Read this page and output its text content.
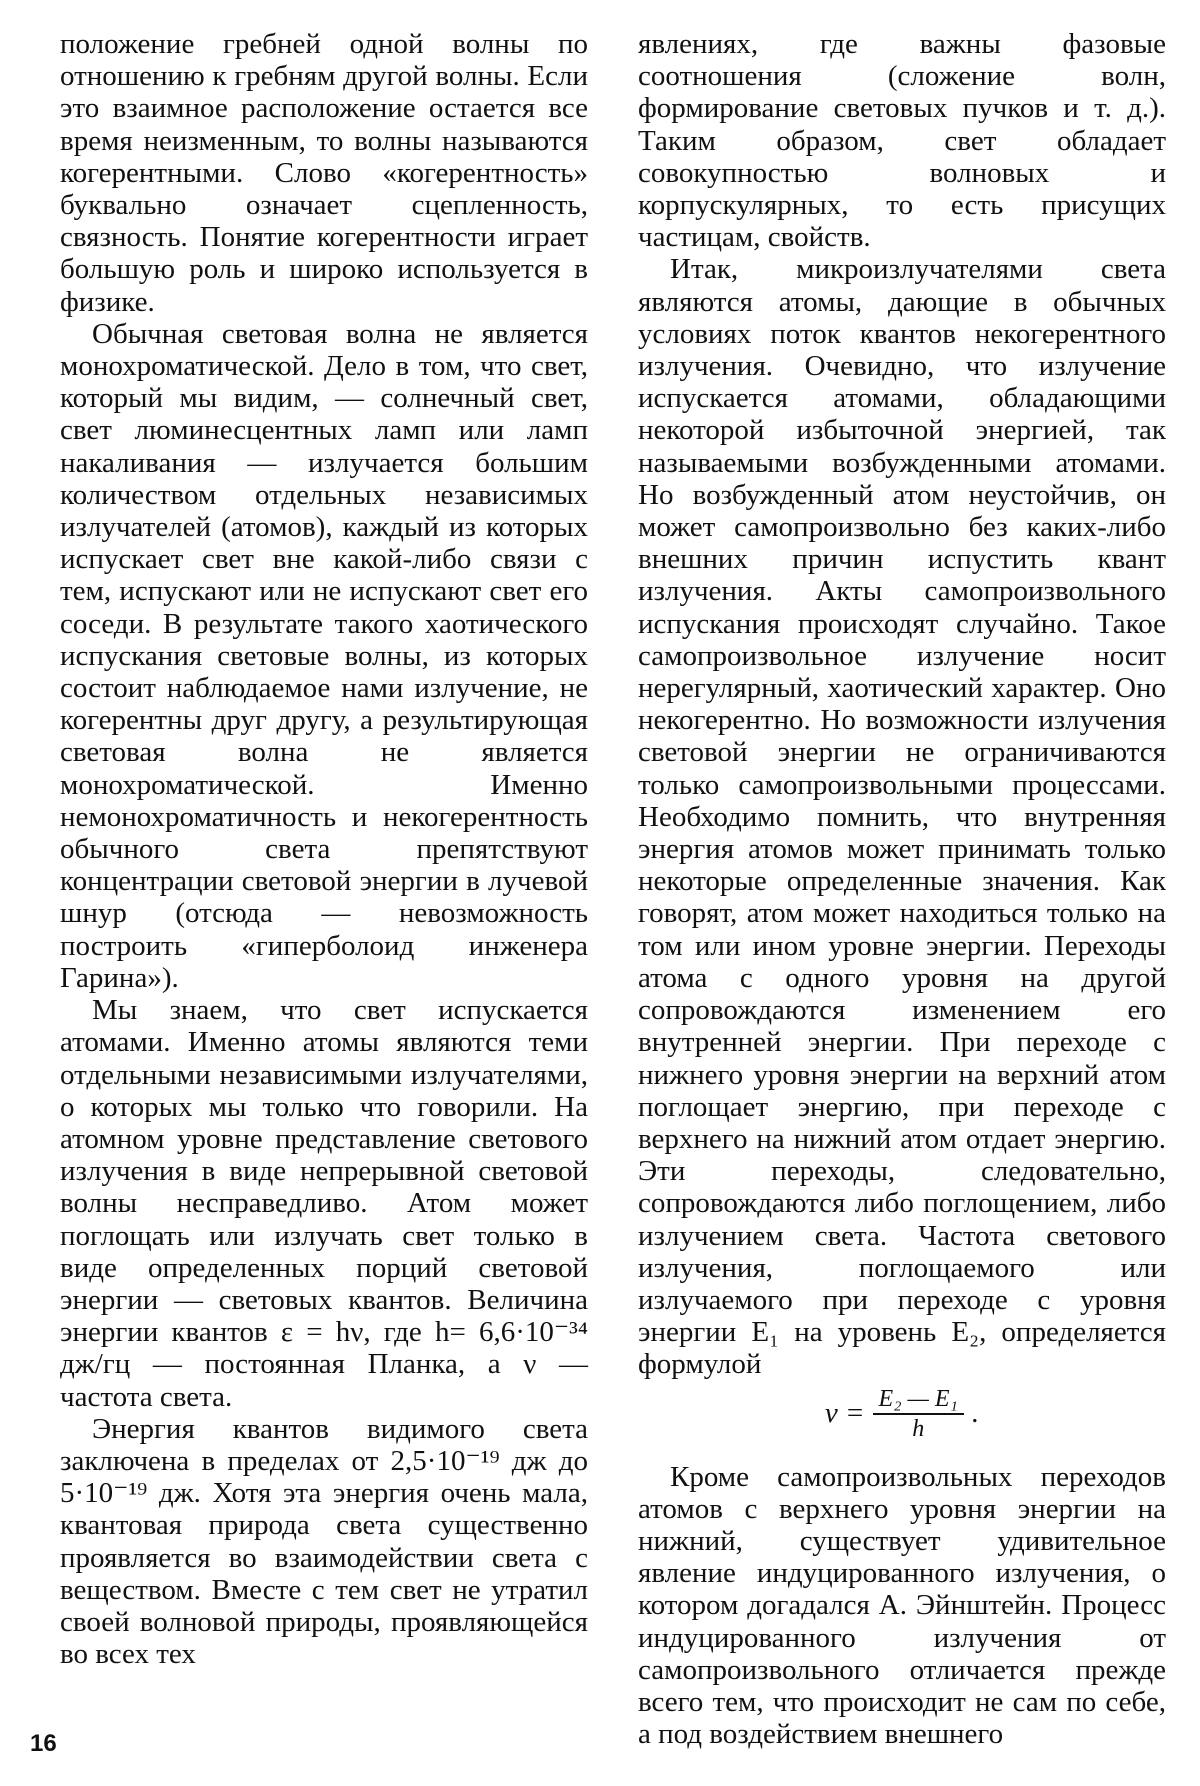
положение гребней одной волны по отношению к гребням другой волны. Если это взаимное расположение остается все время неизменным, то волны называются когерентными. Слово «когерентность» буквально означает сцепленность, связность. Понятие когерентности играет большую роль и широко используется в физике.

Обычная световая волна не является монохроматической. Дело в том, что свет, который мы видим, — солнечный свет, свет люминесцентных ламп или ламп накаливания — излучается большим количеством отдельных независимых излучателей (атомов), каждый из которых испускает свет вне какой-либо связи с тем, испускают или не испускают свет его соседи. В результате такого хаотического испускания световые волны, из которых состоит наблюдаемое нами излучение, не когерентны друг другу, а результирующая световая волна не является монохроматической. Именно немонохроматичность и некогерентность обычного света препятствуют концентрации световой энергии в лучевой шнур (отсюда — невозможность построить «гиперболоид инженера Гарина»).

Мы знаем, что свет испускается атомами. Именно атомы являются теми отдельными независимыми излучателями, о которых мы только что говорили. На атомном уровне представление светового излучения в виде непрерывной световой волны несправедливо. Атом может поглощать или излучать свет только в виде определенных порций световой энергии — световых квантов. Величина энергии квантов ε = hν, где h= 6,6·10⁻³⁴ дж/гц — постоянная Планка, а ν — частота света.

Энергия квантов видимого света заключена в пределах от 2,5·10⁻¹⁹ дж до 5·10⁻¹⁹ дж. Хотя эта энергия очень мала, квантовая природа света существенно проявляется во взаимодействии света с веществом. Вместе с тем свет не утратил своей волновой природы, проявляющейся во всех тех

явлениях, где важны фазовые соотношения (сложение волн, формирование световых пучков и т. д.). Таким образом, свет обладает совокупностью волновых и корпускулярных, то есть присущих частицам, свойств.

Итак, микроизлучателями света являются атомы, дающие в обычных условиях поток квантов некогерентного излучения. Очевидно, что излучение испускается атомами, обладающими некоторой избыточной энергией, так называемыми возбужденными атомами. Но возбужденный атом неустойчив, он может самопроизвольно без каких-либо внешних причин испустить квант излучения. Акты самопроизвольного испускания происходят случайно. Такое самопроизвольное излучение носит нерегулярный, хаотический характер. Оно некогерентно. Но возможности излучения световой энергии не ограничиваются только самопроизвольными процессами. Необходимо помнить, что внутренняя энергия атомов может принимать только некоторые определенные значения. Как говорят, атом может находиться только на том или ином уровне энергии. Переходы атома с одного уровня на другой сопровождаются изменением его внутренней энергии. При переходе с нижнего уровня энергии на верхний атом поглощает энергию, при переходе с верхнего на нижний атом отдает энергию. Эти переходы, следовательно, сопровождаются либо поглощением, либо излучением света. Частота светового излучения, поглощаемого или излучаемого при переходе с уровня энергии E₁ на уровень E₂, определяется формулой

$\nu = \frac{\text{E₂ — E₁}}{h}$ .

Кроме самопроизвольных переходов атомов с верхнего уровня энергии на нижний, существует удивительное явление индуцированного излучения, о котором догадался А. Эйнштейн. Процесс индуцированного излучения от самопроизвольного отличается прежде всего тем, что происходит не сам по себе, а под воздействием внешнего

16
